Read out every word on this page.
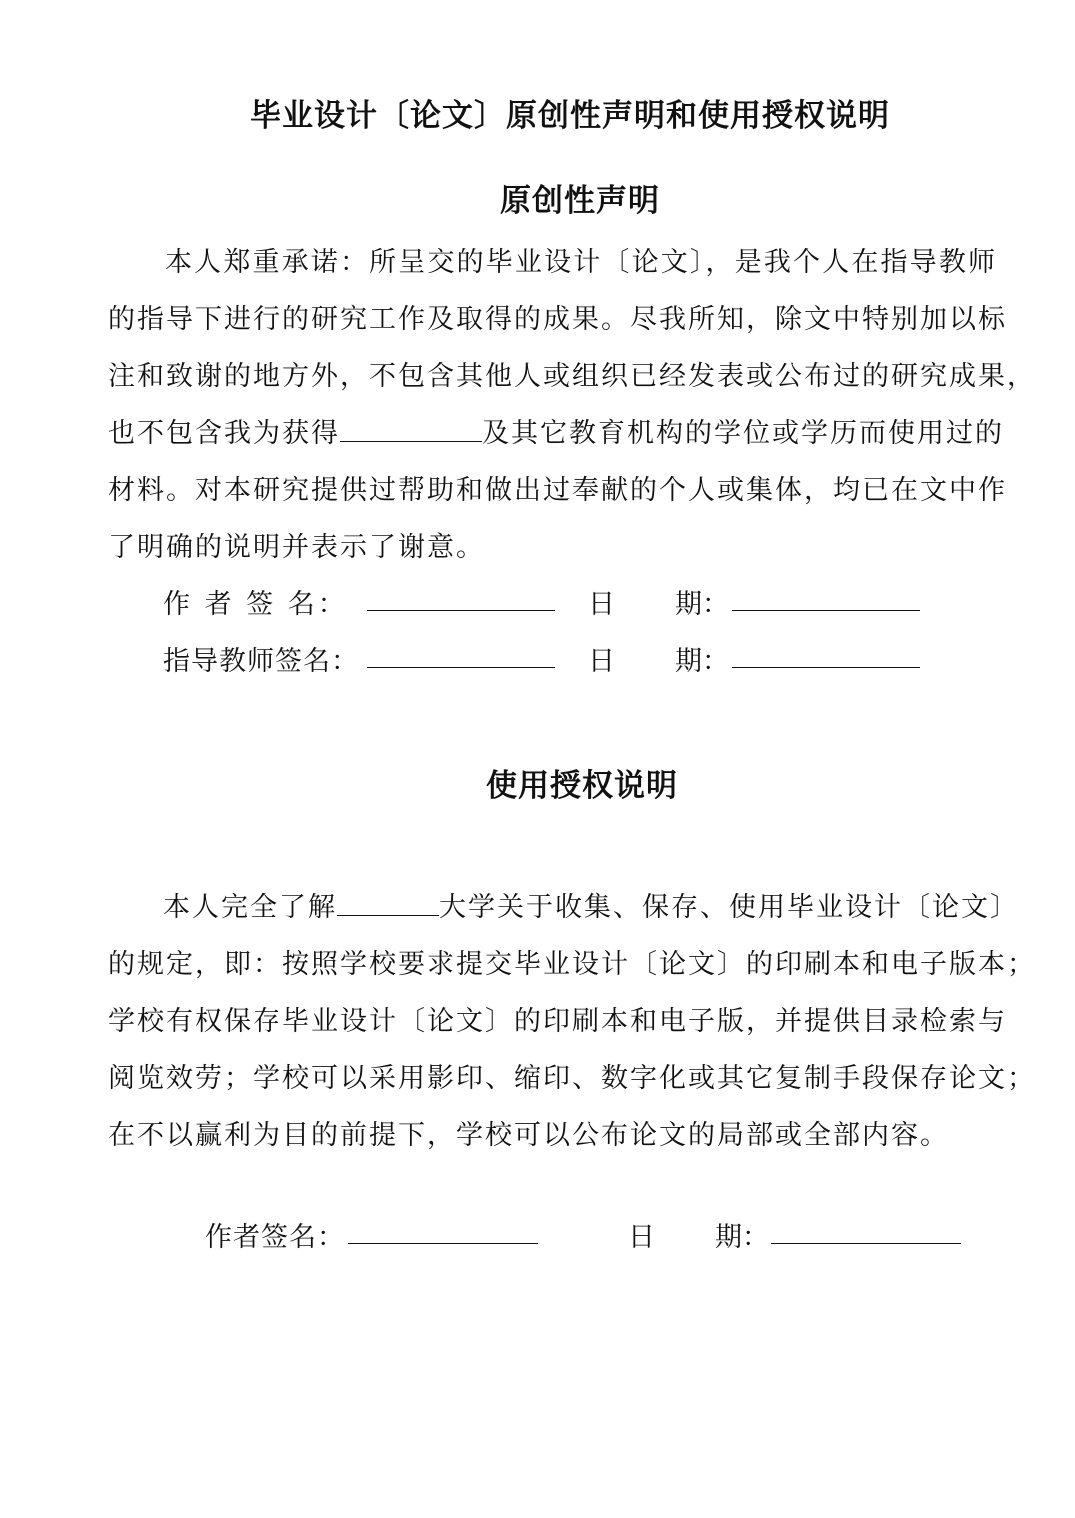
毕业设计〔论文〕原创性声明和使用授权说明
原创性声明
本人郑重承诺：所呈交的毕业设计〔论文〕，是我个人在指导教师
的指导下进行的研究工作及取得的成果。尽我所知，除文中特别加以标
注和致谢的地方外，不包含其他人或组织已经发表或公布过的研究成果，
也不包含我为获得	及其它教育机构的学位或学历而使用过的
材料。对本研究提供过帮助和做出过奉献的个人或集体，均已在文中作
了明确的说明并表示了谢意。
作 者 签 名：	日 期：
指导教师签名：	日 期：
使用授权说明
本人完全了解	大学关于收集、保存、使用毕业设计〔论文〕
的规定，即：按照学校要求提交毕业设计〔论文〕的印刷本和电子版本；
学校有权保存毕业设计〔论文〕的印刷本和电子版，并提供目录检索与
阅览效劳；学校可以采用影印、缩印、数字化或其它复制手段保存论文；
在不以赢利为目的前提下，学校可以公布论文的局部或全部内容。
作者签名：	日 期：
